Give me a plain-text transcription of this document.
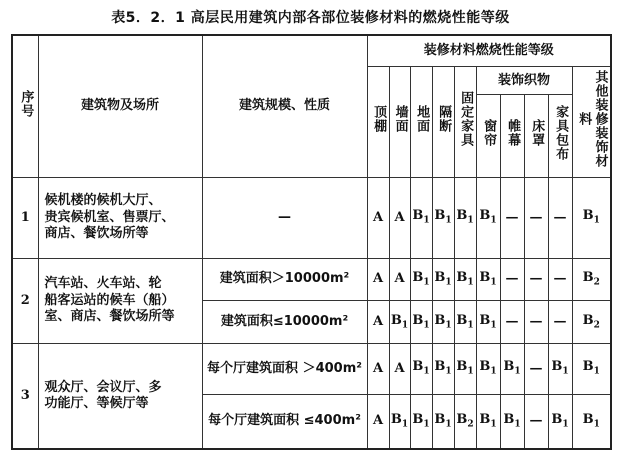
表5．2．1 高层民用建筑内部各部位装修材料的燃烧性能等级
序号	建筑物及场所	建筑规模、性质	装修材料燃烧性能等级									
			顶棚	墙面	地面	隔断	固定家具	装饰织物				其他装修装饰材料
								窗帘	帷幕	床罩	家具包布	
1	候机楼的候机大厅、
贵宾候机室、售票厅、
商店、餐饮场所等	—	A	A	$B_1$	$B_1$	$B_1$	$B_1$	—	—	—	$B_1$
2	汽车站、火车站、轮
船客运站的候车（船）
室、商店、餐饮场所等	建筑面积＞10000m²	A	A	$B_1$	$B_1$	$B_1$	$B_1$	—	—	—	$B_2$
		建筑面积≤10000m²	A	$B_1$	$B_1$	$B_1$	$B_1$	$B_1$	—	—	—	$B_2$
3	观众厅、会议厅、多
功能厅、等候厅等	每个厅建筑面积 ＞400m²	A	A	$B_1$	$B_1$	$B_1$	$B_1$	$B_1$	—	$B_1$	$B_1$
		每个厅建筑面积 ≤400m²	A	$B_1$	$B_1$	$B_1$	$B_2$	$B_1$	$B_1$	—	$B_1$	$B_1$
